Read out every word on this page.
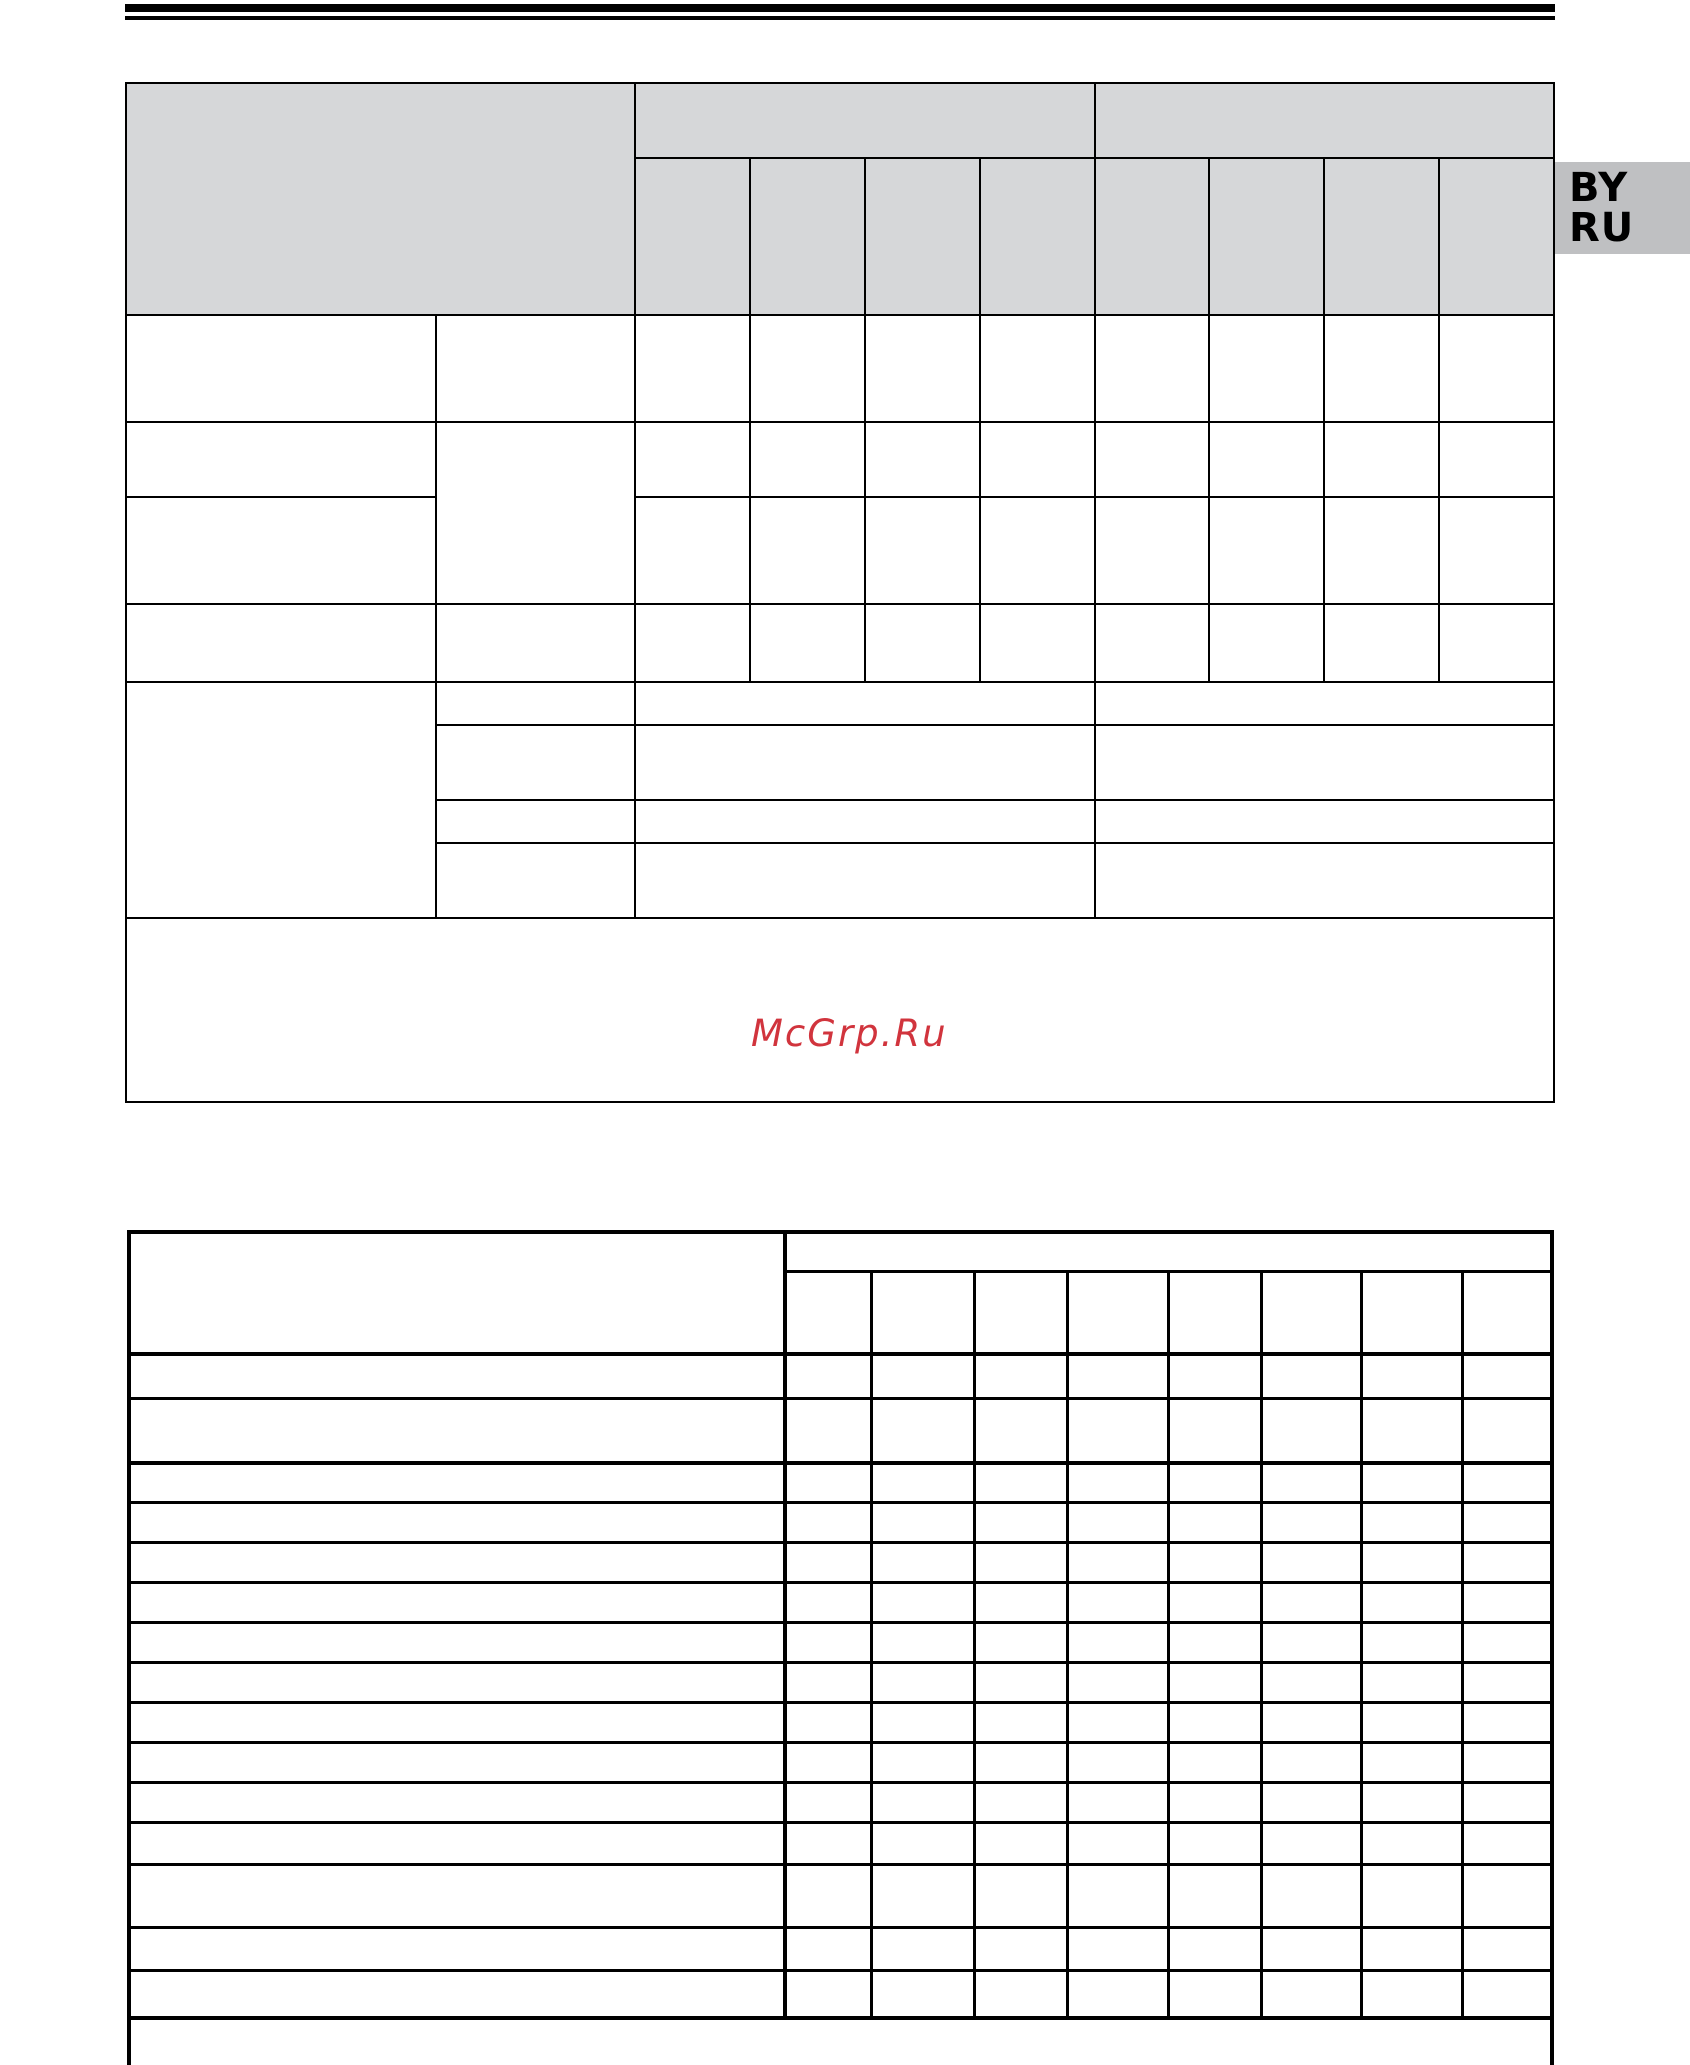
BY
RU
McGrp.Ru
